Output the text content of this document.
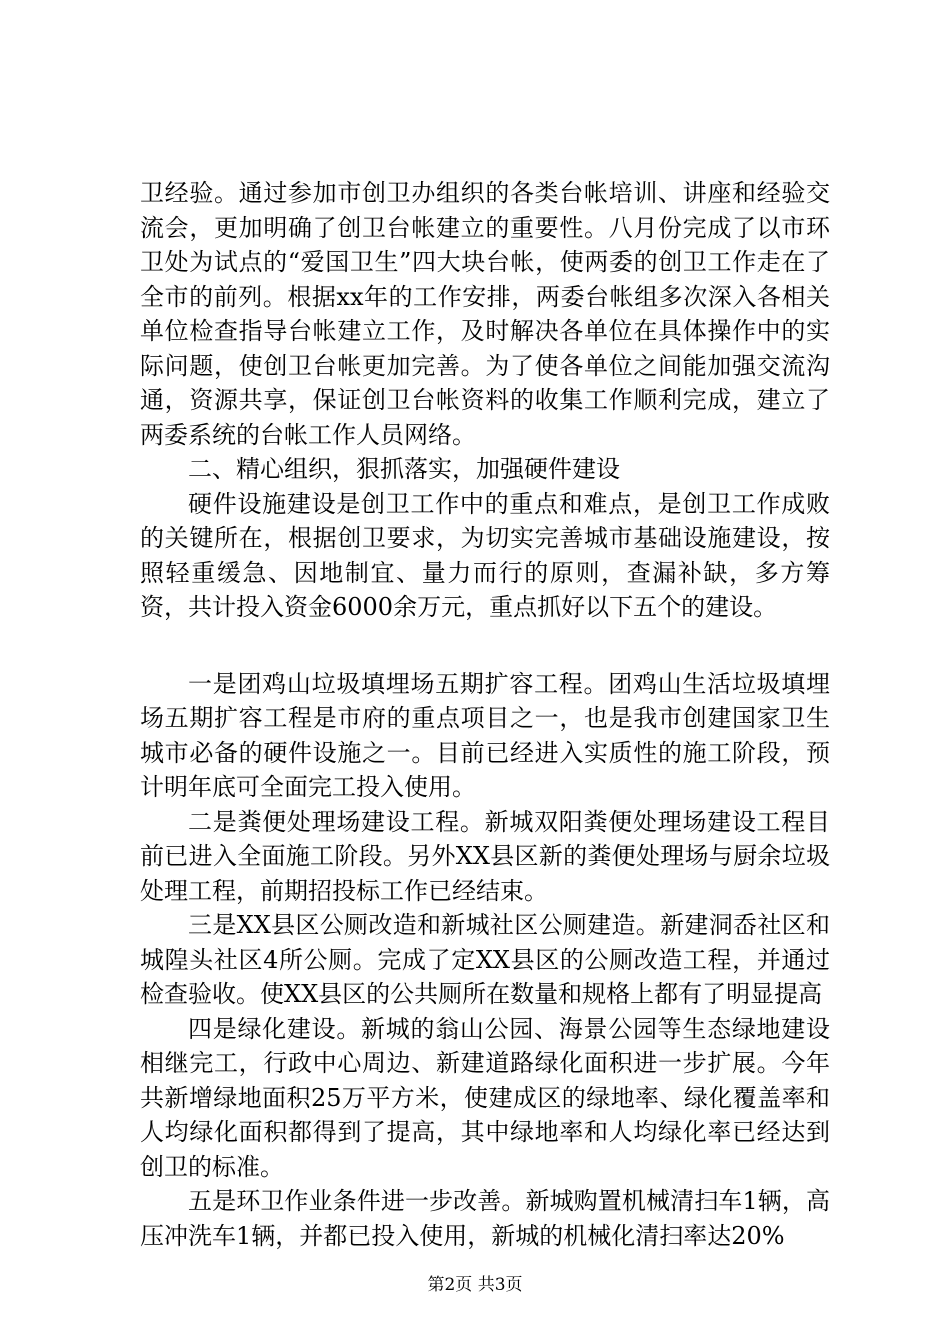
卫经验。通过参加市创卫办组织的各类台帐培训、讲座和经验交流会，更加明确了创卫台帐建立的重要性。八月份完成了以市环卫处为试点的“爱国卫生”四大块台帐，使两委的创卫工作走在了全市的前列。根据xx年的工作安排，两委台帐组多次深入各相关单位检查指导台帐建立工作，及时解决各单位在具体操作中的实际问题，使创卫台帐更加完善。为了使各单位之间能加强交流沟通，资源共享，保证创卫台帐资料的收集工作顺利完成，建立了两委系统的台帐工作人员网络。

二、精心组织，狠抓落实，加强硬件建设

硬件设施建设是创卫工作中的重点和难点，是创卫工作成败的关键所在，根据创卫要求，为切实完善城市基础设施建设，按照轻重缓急、因地制宜、量力而行的原则，查漏补缺，多方筹资，共计投入资金6000余万元，重点抓好以下五个的建设。

一是团鸡山垃圾填埋场五期扩容工程。团鸡山生活垃圾填埋场五期扩容工程是市府的重点项目之一，也是我市创建国家卫生城市必备的硬件设施之一。目前已经进入实质性的施工阶段，预计明年底可全面完工投入使用。

二是粪便处理场建设工程。新城双阳粪便处理场建设工程目前已进入全面施工阶段。另外XX县区新的粪便处理场与厨余垃圾处理工程，前期招投标工作已经结束。

三是XX县区公厕改造和新城社区公厕建造。新建洞岙社区和城隍头社区4所公厕。完成了定XX县区的公厕改造工程，并通过检查验收。使XX县区的公共厕所在数量和规格上都有了明显提高

四是绿化建设。新城的翁山公园、海景公园等生态绿地建设相继完工，行政中心周边、新建道路绿化面积进一步扩展。今年共新增绿地面积25万平方米，使建成区的绿地率、绿化覆盖率和人均绿化面积都得到了提高，其中绿地率和人均绿化率已经达到创卫的标准。

五是环卫作业条件进一步改善。新城购置机械清扫车1辆，高压冲洗车1辆，并都已投入使用，新城的机械化清扫率达20%

第2页 共3页
